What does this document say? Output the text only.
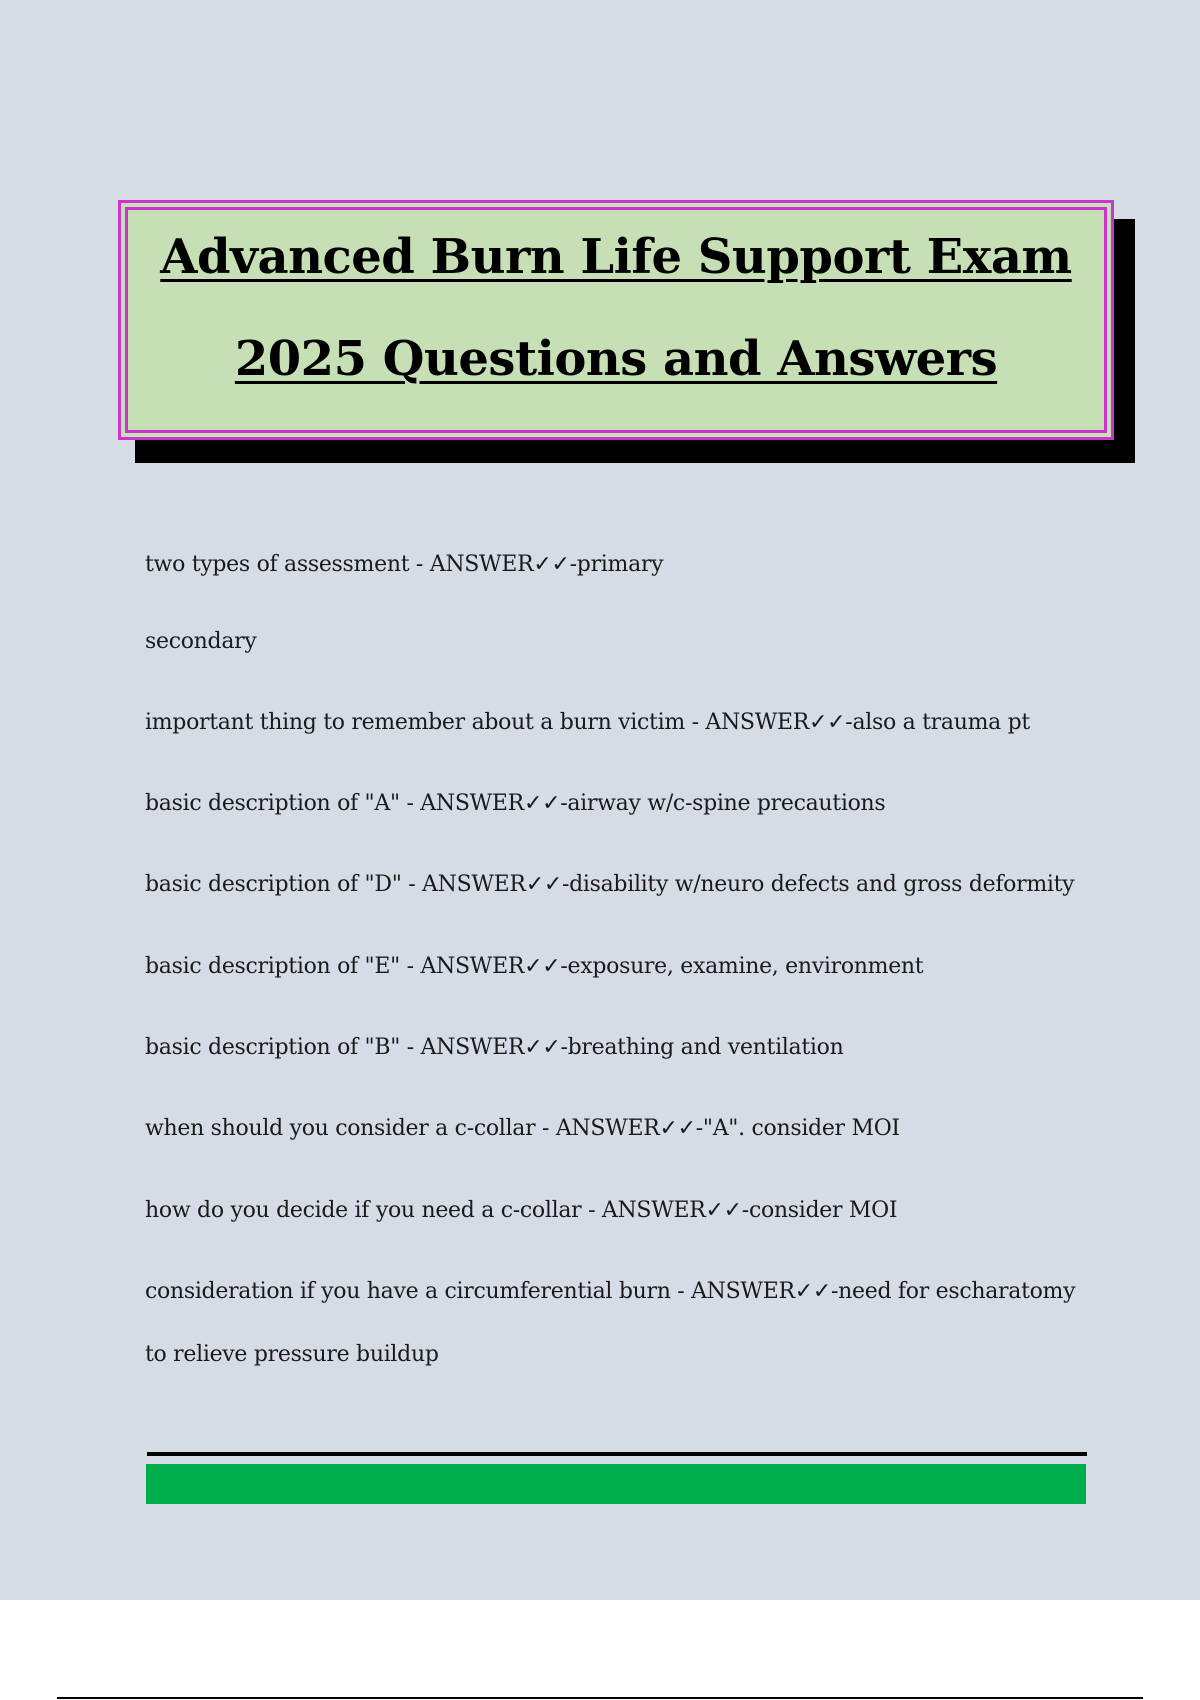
Advanced Burn Life Support Exam
2025 Questions and Answers

two types of assessment - ANSWER✓✓-primary

secondary

important thing to remember about a burn victim - ANSWER✓✓-also a trauma pt

basic description of "A" - ANSWER✓✓-airway w/c-spine precautions

basic description of "D" - ANSWER✓✓-disability w/neuro defects and gross deformity

basic description of "E" - ANSWER✓✓-exposure, examine, environment

basic description of "B" - ANSWER✓✓-breathing and ventilation

when should you consider a c-collar - ANSWER✓✓-"A". consider MOI

how do you decide if you need a c-collar - ANSWER✓✓-consider MOI

consideration if you have a circumferential burn - ANSWER✓✓-need for escharatomy

to relieve pressure buildup
